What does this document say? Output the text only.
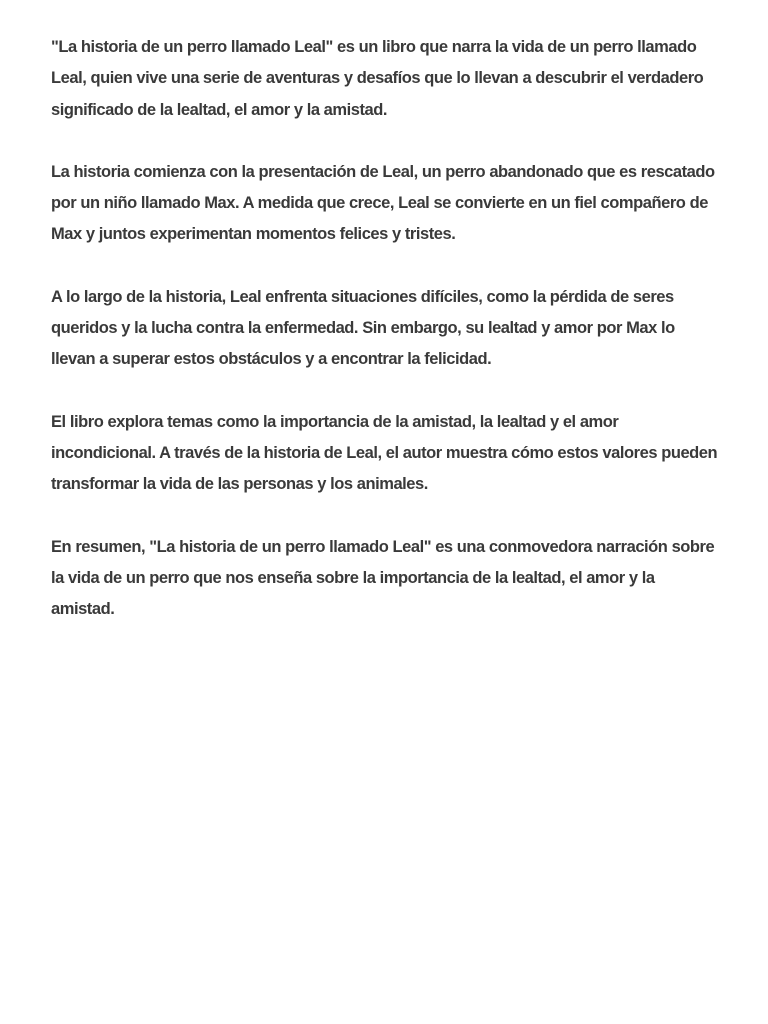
"La historia de un perro llamado Leal" es un libro que narra la vida de un perro llamado Leal, quien vive una serie de aventuras y desafíos que lo llevan a descubrir el verdadero significado de la lealtad, el amor y la amistad.

La historia comienza con la presentación de Leal, un perro abandonado que es rescatado por un niño llamado Max. A medida que crece, Leal se convierte en un fiel compañero de Max y juntos experimentan momentos felices y tristes.

A lo largo de la historia, Leal enfrenta situaciones difíciles, como la pérdida de seres queridos y la lucha contra la enfermedad. Sin embargo, su lealtad y amor por Max lo llevan a superar estos obstáculos y a encontrar la felicidad.

El libro explora temas como la importancia de la amistad, la lealtad y el amor incondicional. A través de la historia de Leal, el autor muestra cómo estos valores pueden transformar la vida de las personas y los animales.

En resumen, "La historia de un perro llamado Leal" es una conmovedora narración sobre la vida de un perro que nos enseña sobre la importancia de la lealtad, el amor y la amistad.
